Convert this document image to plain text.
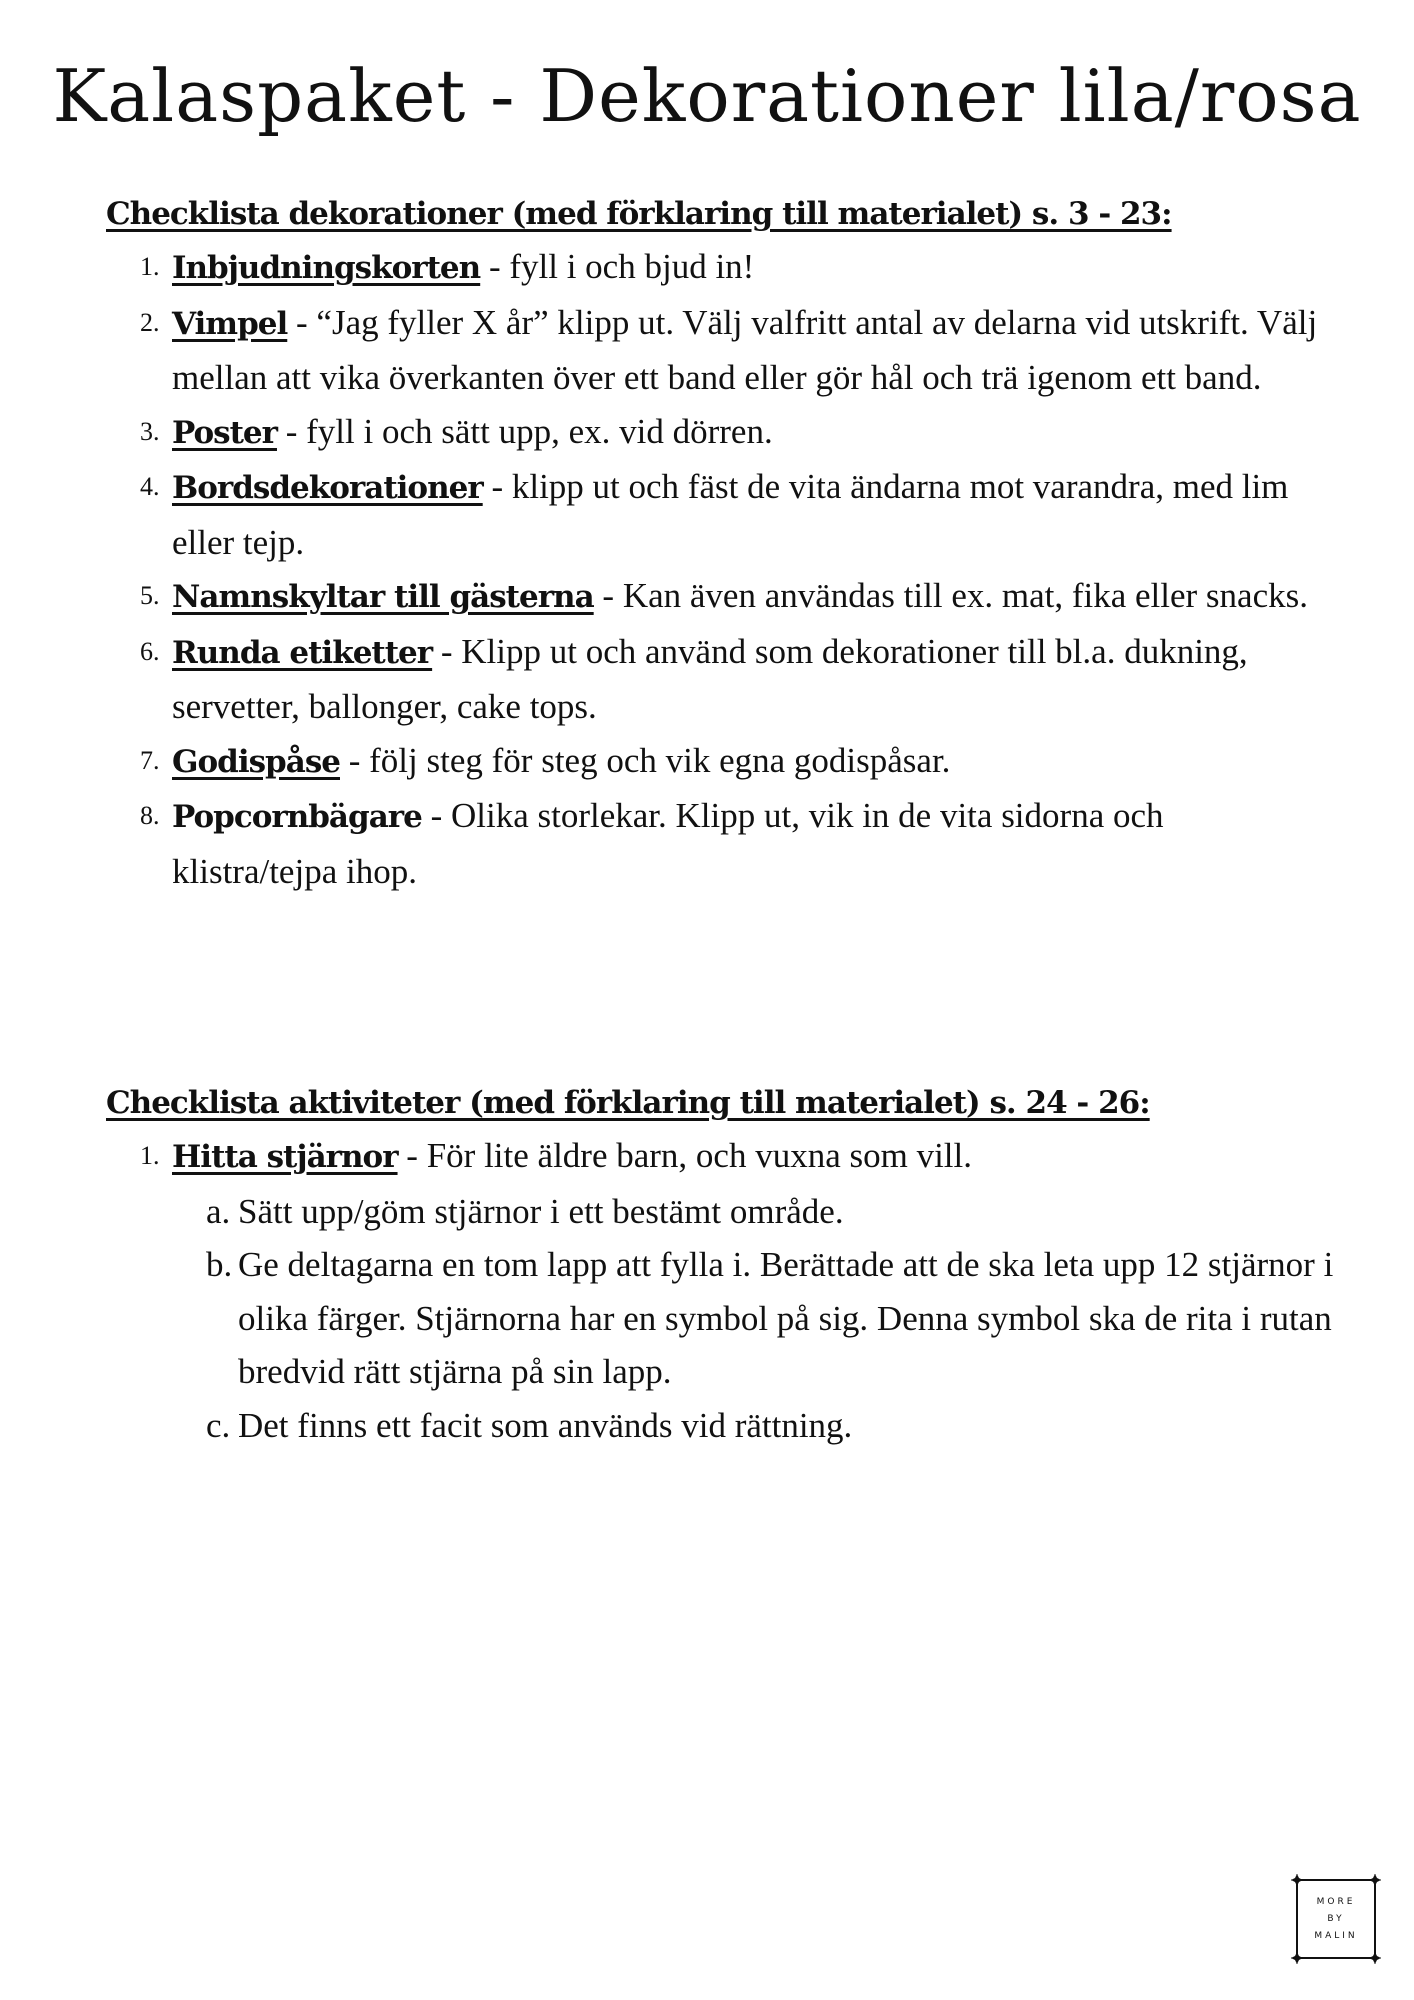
Kalaspaket - Dekorationer lila/rosa

Checklista dekorationer (med förklaring till materialet) s. 3 - 23:

1. Inbjudningskorten - fyll i och bjud in!
2. Vimpel - “Jag fyller X år” klipp ut. Välj valfritt antal av delarna vid utskrift. Välj mellan att vika överkanten över ett band eller gör hål och trä igenom ett band.
3. Poster - fyll i och sätt upp, ex. vid dörren.
4. Bordsdekorationer - klipp ut och fäst de vita ändarna mot varandra, med lim eller tejp.
5. Namnskyltar till gästerna - Kan även användas till ex. mat, fika eller snacks.
6. Runda etiketter - Klipp ut och använd som dekorationer till bl.a. dukning, servetter, ballonger, cake tops.
7. Godispåse - följ steg för steg och vik egna godispåsar.
8. Popcornbägare - Olika storlekar. Klipp ut, vik in de vita sidorna och klistra/tejpa ihop.

Checklista aktiviteter (med förklaring till materialet) s. 24 - 26:

1. Hitta stjärnor - För lite äldre barn, och vuxna som vill.
a. Sätt upp/göm stjärnor i ett bestämt område.
b. Ge deltagarna en tom lapp att fylla i. Berättade att de ska leta upp 12 stjärnor i olika färger. Stjärnorna har en symbol på sig. Denna symbol ska de rita i rutan bredvid rätt stjärna på sin lapp.
c. Det finns ett facit som används vid rättning.
MORE
BY
MALIN
